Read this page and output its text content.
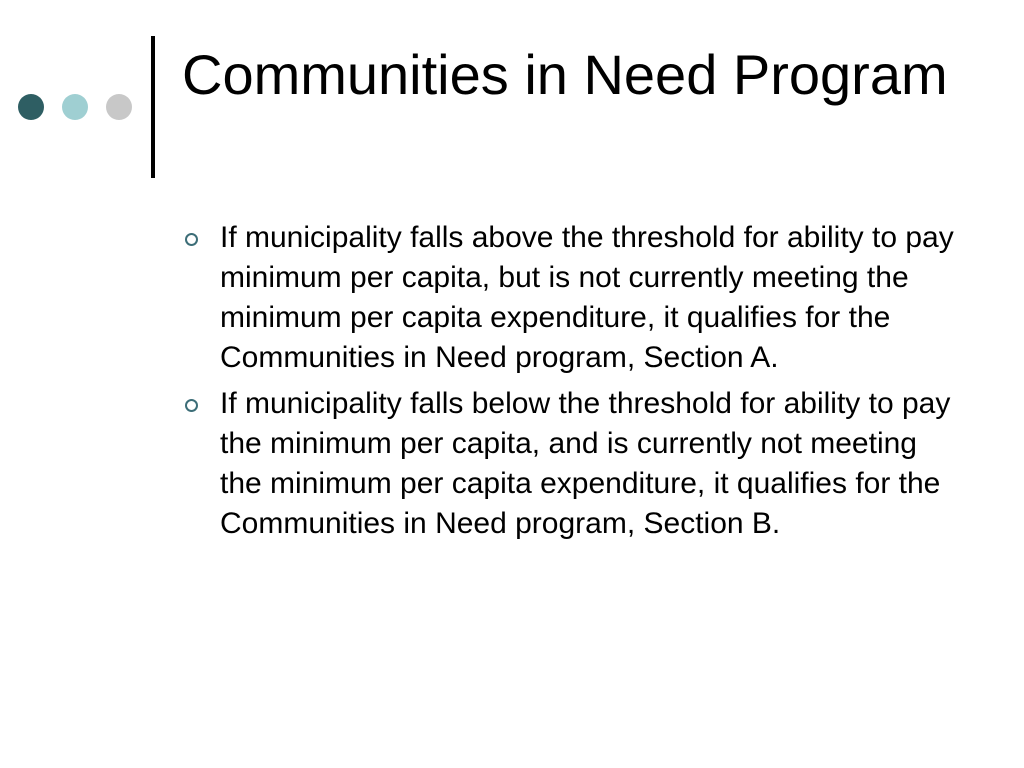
Communities in Need Program
If municipality falls above the threshold for ability to pay minimum per capita, but is not currently meeting the minimum per capita expenditure, it qualifies for the Communities in Need program, Section A.
If municipality falls below the threshold for ability to pay the minimum per capita, and is currently not meeting the minimum per capita expenditure, it qualifies for the Communities in Need program, Section B.
